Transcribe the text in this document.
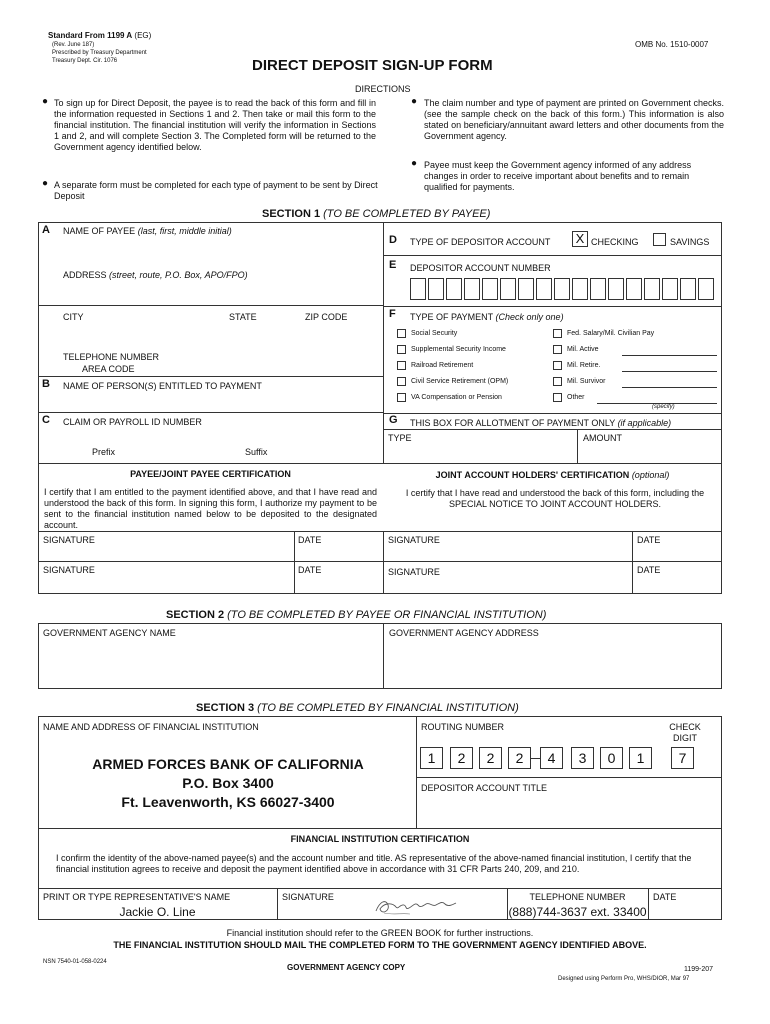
Standard From 1199 A (EG)
(Rev. June 187)
Prescribed by Treasury Department
Treasury Dept. Cir. 1076
OMB No. 1510-0007
DIRECT DEPOSIT SIGN-UP FORM
DIRECTIONS
● To sign up for Direct Deposit, the payee is to read the back of this form and fill in the information requested in Sections 1 and 2. Then take or mail this form to the financial institution. The financial institution will verify the information in Sections 1 and 2, and will complete Section 3. The Completed form will be returned to the Government agency identified below.
● A separate form must be completed for each type of payment to be sent by Direct Deposit
● The claim number and type of payment are printed on Government checks. (see the sample check on the back of this form.) This information is also stated on beneficiary/annuitant award letters and other documents from the Government agency.
● Payee must keep the Government agency informed of any address changes in order to receive important about benefits and to remain qualified for payments.
SECTION 1 (TO BE COMPLETED BY PAYEE)
A NAME OF PAYEE (last, first, middle initial)
ADDRESS (street, route, P.O. Box, APO/FPO)
CITY	STATE	ZIP CODE
TELEPHONE NUMBER
AREA CODE
B NAME OF PERSON(S) ENTITLED TO PAYMENT
C CLAIM OR PAYROLL ID NUMBER
Prefix	Suffix
D TYPE OF DEPOSITOR ACCOUNT X CHECKING	SAVINGS
E DEPOSITOR ACCOUNT NUMBER
F TYPE OF PAYMENT (Check only one)
Social Security
Supplemental Security Income
Railroad Retirement
Civil Service Retirement (OPM)
VA Compensation or Pension
Fed. Salary/Mil. Civilian Pay
Mil. Active
Mil. Retire.
Mil. Survivor
Other
(specify)
G THIS BOX FOR ALLOTMENT OF PAYMENT ONLY (if applicable)
TYPE	AMOUNT
PAYEE/JOINT PAYEE CERTIFICATION
I certify that I am entitled to the payment identified above, and that I have read and understood the back of this form. In signing this form, I authorize my payment to be sent to the financial institution named below to be deposited to the designated account.
JOINT ACCOUNT HOLDERS' CERTIFICATION (optional)
I certify that I have read and understood the back of this form, including the SPECIAL NOTICE TO JOINT ACCOUNT HOLDERS.
SIGNATURE	DATE	SIGNATURE	DATE
SIGNATURE	DATE	SIGNATURE	DATE
SECTION 2 (TO BE COMPLETED BY PAYEE OR FINANCIAL INSTITUTION)
GOVERNMENT AGENCY NAME	GOVERNMENT AGENCY ADDRESS
SECTION 3 (TO BE COMPLETED BY FINANCIAL INSTITUTION)
NAME AND ADDRESS OF FINANCIAL INSTITUTION
ARMED FORCES BANK OF CALIFORNIA
P.O. Box 3400
Ft. Leavenworth, KS 66027-3400
ROUTING NUMBER	CHECK
DIGIT
1	2	2	2	4	3	0	1	7
DEPOSITOR ACCOUNT TITLE
FINANCIAL INSTITUTION CERTIFICATION
I confirm the identity of the above-named payee(s) and the account number and title. AS representative of the above-named financial institution, I certify that the financial institution agrees to receive and deposit the payment identified above in accordance with 31 CFR Parts 240, 209, and 210.
PRINT OR TYPE REPRESENTATIVE'S NAME
Jackie O. Line
SIGNATURE	TELEPHONE NUMBER
(888)744-3637 ext. 33400
DATE
Financial institution should refer to the GREEN BOOK for further instructions.
THE FINANCIAL INSTITUTION SHOULD MAIL THE COMPLETED FORM TO THE GOVERNMENT AGENCY IDENTIFIED ABOVE.
NSN 7540-01-058-0224
GOVERNMENT AGENCY COPY	1199-207
Designed using Perform Pro, WHS/DIOR, Mar 97
